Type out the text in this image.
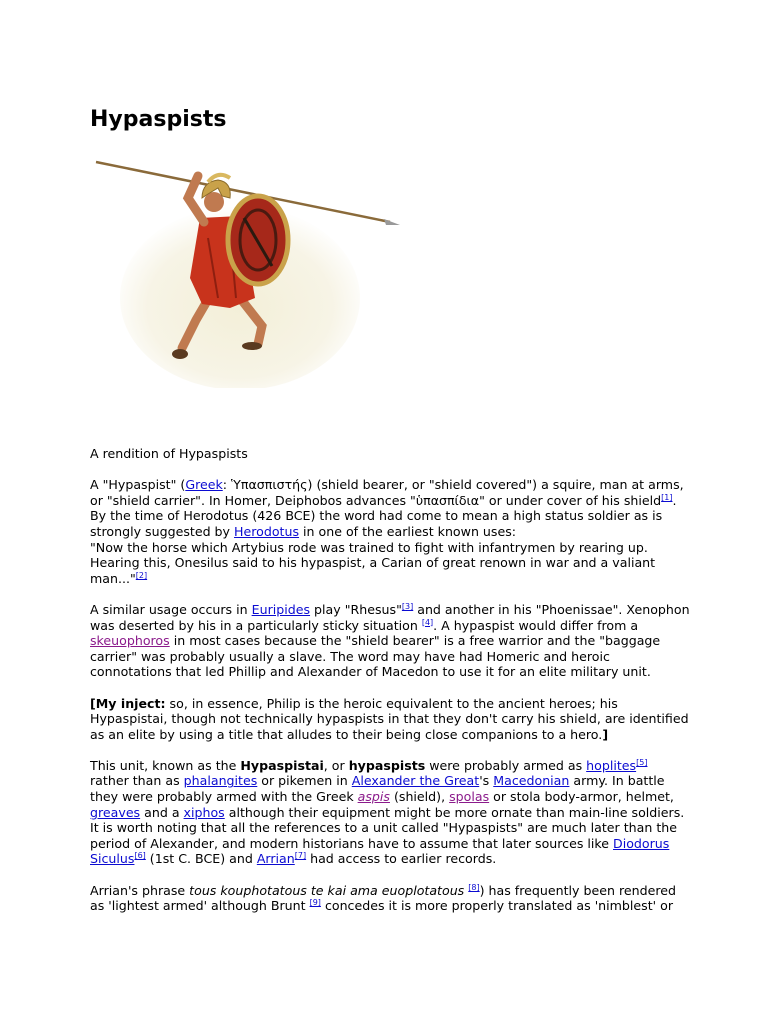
Hypaspists

A rendition of Hypaspists

A "Hypaspist" (Greek: Ὑπασπιστής) (shield bearer, or "shield covered") a squire, man at arms, or "shield carrier". In Homer, Deiphobos advances "ὑπασπίδια" or under cover of his shield[1]. By the time of Herodotus (426 BCE) the word had come to mean a high status soldier as is strongly suggested by Herodotus in one of the earliest known uses:
"Now the horse which Artybius rode was trained to fight with infantrymen by rearing up. Hearing this, Onesilus said to his hypaspist, a Carian of great renown in war and a valiant man..."[2]

A similar usage occurs in Euripides play "Rhesus"[3] and another in his "Phoenissae". Xenophon was deserted by his in a particularly sticky situation [4]. A hypaspist would differ from a skeuophoros in most cases because the "shield bearer" is a free warrior and the "baggage carrier" was probably usually a slave. The word may have had Homeric and heroic connotations that led Phillip and Alexander of Macedon to use it for an elite military unit.

[My inject: so, in essence, Philip is the heroic equivalent to the ancient heroes; his Hypaspistai, though not technically hypaspists in that they don't carry his shield, are identified as an elite by using a title that alludes to their being close companions to a hero.]

This unit, known as the Hypaspistai, or hypaspists were probably armed as hoplites[5] rather than as phalangites or pikemen in Alexander the Great's Macedonian army. In battle they were probably armed with the Greek aspis (shield), spolas or stola body-armor, helmet, greaves and a xiphos although their equipment might be more ornate than main-line soldiers.
It is worth noting that all the references to a unit called "Hypaspists" are much later than the period of Alexander, and modern historians have to assume that later sources like Diodorus Siculus[6] (1st C. BCE) and Arrian[7] had access to earlier records.

Arrian's phrase tous kouphotatous te kai ama euoplotatous [8]) has frequently been rendered as 'lightest armed' although Brunt [9] concedes it is more properly translated as 'nimblest' or
